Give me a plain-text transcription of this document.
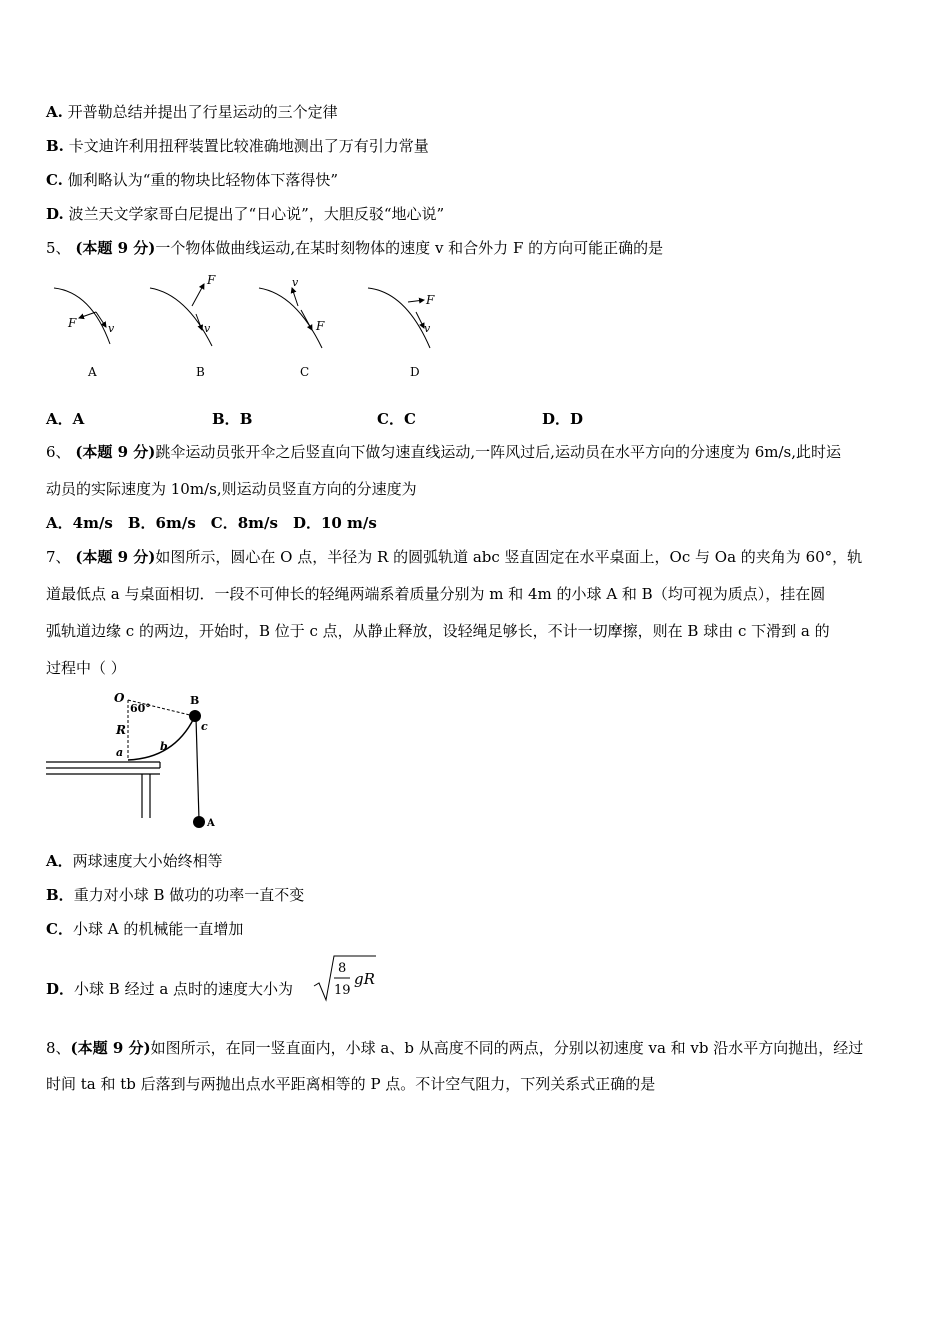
A. 开普勒总结并提出了行星运动的三个定律
B. 卡文迪许利用扭秤装置比较准确地测出了万有引力常量
C. 伽利略认为“重的物块比轻物体下落得快”
D. 波兰天文学家哥白尼提出了“日心说”，大胆反驳“地心说”
5、 (本题 9 分)一个物体做曲线运动,在某时刻物体的速度 v 和合外力 F 的方向可能正确的是
F	v
A
F
v
B
v
F
C
F
v
D
A．A	B．B	C．C	D．D
6、 (本题 9 分)跳伞运动员张开伞之后竖直向下做匀速直线运动,一阵风过后,运动员在水平方向的分速度为 6m/s,此时运
动员的实际速度为 10m/s,则运动员竖直方向的分速度为
A．4m/s　B．6m/s　C．8m/s　D．10 m/s
7、 (本题 9 分)如图所示，圆心在 O 点，半径为 R 的圆弧轨道 abc 竖直固定在水平桌面上，Oc 与 Oa 的夹角为 60°，轨
道最低点 a 与桌面相切．一段不可伸长的轻绳两端系着质量分别为 m 和 4m 的小球 A 和 B（均可视为质点），挂在圆
弧轨道边缘 c 的两边，开始时，B 位于 c 点，从静止释放，设轻绳足够长，不计一切摩擦，则在 B 球由 c 下滑到 a 的
过程中（ ）
O
60°
B
c
R
a	b
A
A．两球速度大小始终相等
B．重力对小球 B 做功的功率一直不变
C．小球 A 的机械能一直增加
D．小球 B 经过 a 点时的速度大小为
8
19
gR
8、(本题 9 分)如图所示，在同一竖直面内，小球 a、b 从高度不同的两点，分别以初速度 va 和 vb 沿水平方向抛出，经过
时间 ta 和 tb 后落到与两抛出点水平距离相等的 P 点。不计空气阻力，下列关系式正确的是
